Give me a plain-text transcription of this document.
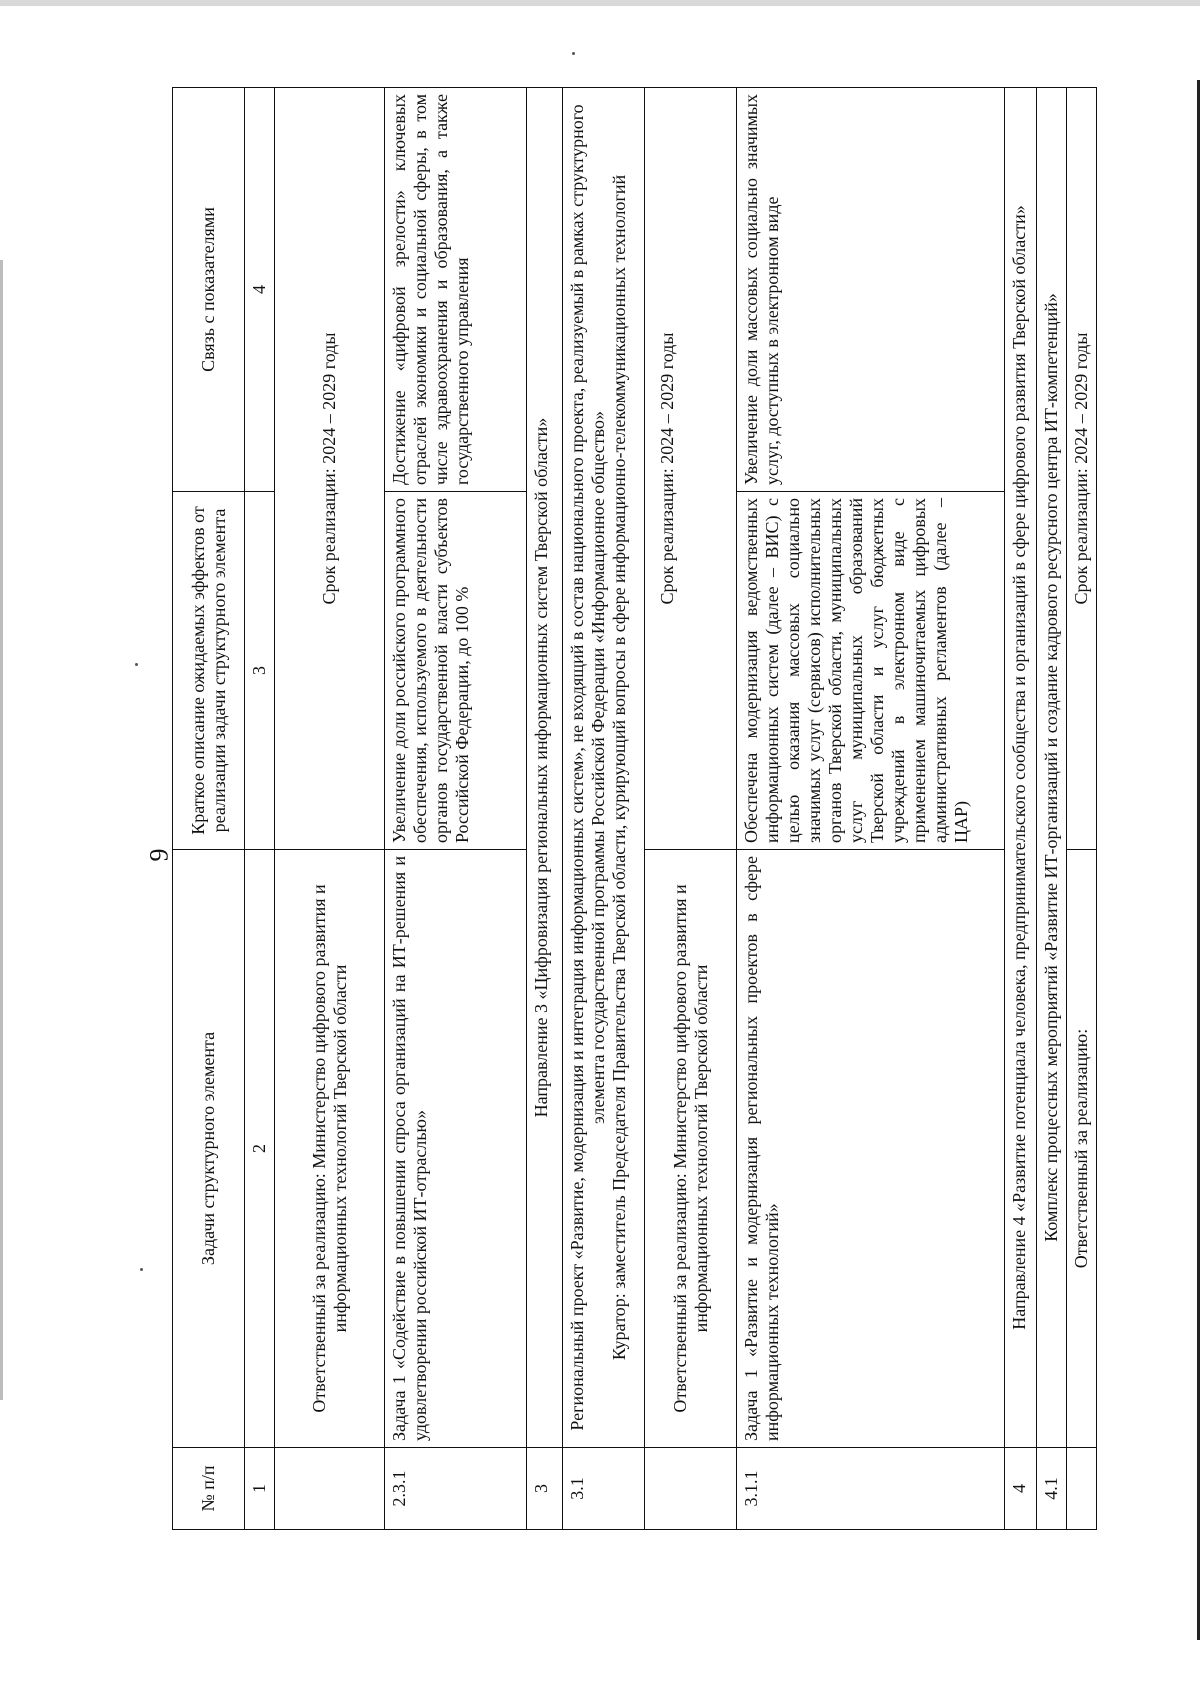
9
№ п/п	Задачи структурного элемента	Краткое описание ожидаемых эффектов от реализации задачи структурного элемента	Связь с показателями
1	2	3	4
	Ответственный за реализацию: Министерство цифрового развития и информационных технологий Тверской области	Срок реализации: 2024 – 2029 годы	
2.3.1	Задача 1 «Содействие в повышении спроса организаций на ИТ-решения и удовлетворении российской ИТ-отраслью»	Увеличение доли российского программного обеспечения, используемого в деятельности органов государственной власти субъектов Российской Федерации, до 100 %	Достижение «цифровой зрелости» ключевых отраслей экономики и социальной сферы, в том числе здравоохранения и образования, а также государственного управления
3	Направление 3 «Цифровизация региональных информационных систем Тверской области»		
3.1	Региональный проект «Развитие, модернизация и интеграция информационных систем», не входящий в состав национального проекта, реализуемый в рамках структурного элемента государственной программы Российской Федерации «Информационное общество» Куратор: заместитель Председателя Правительства Тверской области, курирующий вопросы в сфере информационно-телекоммуникационных технологий		

	Ответственный за реализацию: Министерство цифрового развития и информационных технологий Тверской области	Срок реализации: 2024 – 2029 годы	
3.1.1	Задача 1 «Развитие и модернизация региональных проектов в сфере информационных технологий»	Обеспечена модернизация ведомственных информационных систем (далее – ВИС) с целью оказания массовых социально значимых услуг (сервисов) исполнительных органов Тверской области, муниципальных услуг муниципальных образований Тверской области и услуг бюджетных учреждений в электронном виде с применением машиночитаемых цифровых административных регламентов (далее – ЦАР)	Увеличение доли массовых социально значимых услуг, доступных в электронном виде
4	Направление 4 «Развитие потенциала человека, предпринимательского сообщества и организаций в сфере цифрового развития Тверской области»		
4.1	Комплекс процессных мероприятий «Развитие ИТ-организаций и создание кадрового ресурсного центра ИТ-компетенций»		
	Ответственный за реализацию:	Срок реализации: 2024 – 2029 годы	
